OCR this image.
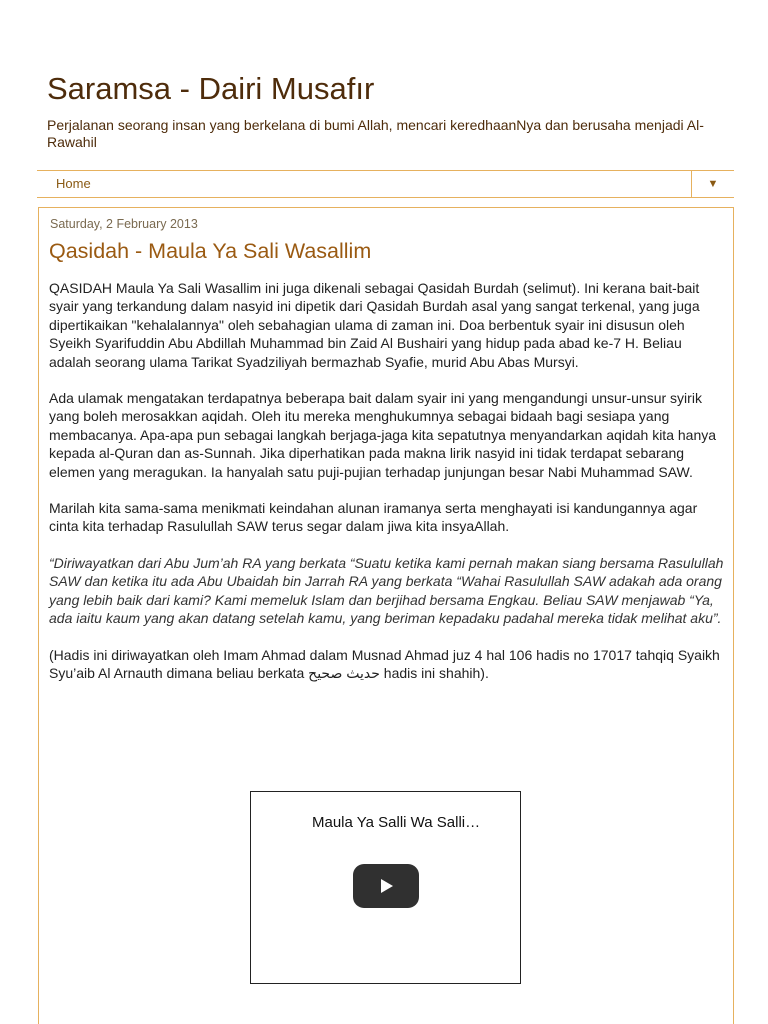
Saramsa - Dairi Musafır

Perjalanan seorang insan yang berkelana di bumi Allah, mencari keredhaanNya dan berusaha menjadi Al-Rawahil

Home	▼
Saturday, 2 February 2013
Qasidah - Maula Ya Sali Wasallim

QASIDAH Maula Ya Sali Wasallim ini juga dikenali sebagai Qasidah Burdah (selimut). Ini kerana bait-bait syair yang terkandung dalam nasyid ini dipetik dari Qasidah Burdah asal yang sangat terkenal, yang juga dipertikaikan "kehalalannya" oleh sebahagian ulama di zaman ini. Doa berbentuk syair ini disusun oleh Syeikh Syarifuddin Abu Abdillah Muhammad bin Zaid Al Bushairi yang hidup pada abad ke-7 H. Beliau adalah seorang ulama Tarikat Syadziliyah bermazhab Syafie, murid Abu Abas Mursyi.

Ada ulamak mengatakan terdapatnya beberapa bait dalam syair ini yang mengandungi unsur-unsur syirik yang boleh merosakkan aqidah. Oleh itu mereka menghukumnya sebagai bidaah bagi sesiapa yang membacanya. Apa-apa pun sebagai langkah berjaga-jaga kita sepatutnya menyandarkan aqidah kita hanya kepada al-Quran dan as-Sunnah. Jika diperhatikan pada makna lirik nasyid ini tidak terdapat sebarang elemen yang meragukan. Ia hanyalah satu puji-pujian terhadap junjungan besar Nabi Muhammad SAW.

Marilah kita sama-sama menikmati keindahan alunan iramanya serta menghayati isi kandungannya agar cinta kita terhadap Rasulullah SAW terus segar dalam jiwa kita insyaAllah.

“Diriwayatkan dari Abu Jum’ah RA yang berkata “Suatu ketika kami pernah makan siang bersama Rasulullah SAW dan ketika itu ada Abu Ubaidah bin Jarrah RA yang berkata “Wahai Rasulullah SAW adakah ada orang yang lebih baik dari kami? Kami memeluk Islam dan berjihad bersama Engkau. Beliau SAW menjawab “Ya, ada iaitu kaum yang akan datang setelah kamu, yang beriman kepadaku padahal mereka tidak melihat aku”.

(Hadis ini diriwayatkan oleh Imam Ahmad dalam Musnad Ahmad juz 4 hal 106 hadis no 17017 tahqiq Syaikh Syu’aib Al Arnauth dimana beliau berkata حديث صحيح hadis ini shahih).

Maula Ya Salli Wa Salli…
